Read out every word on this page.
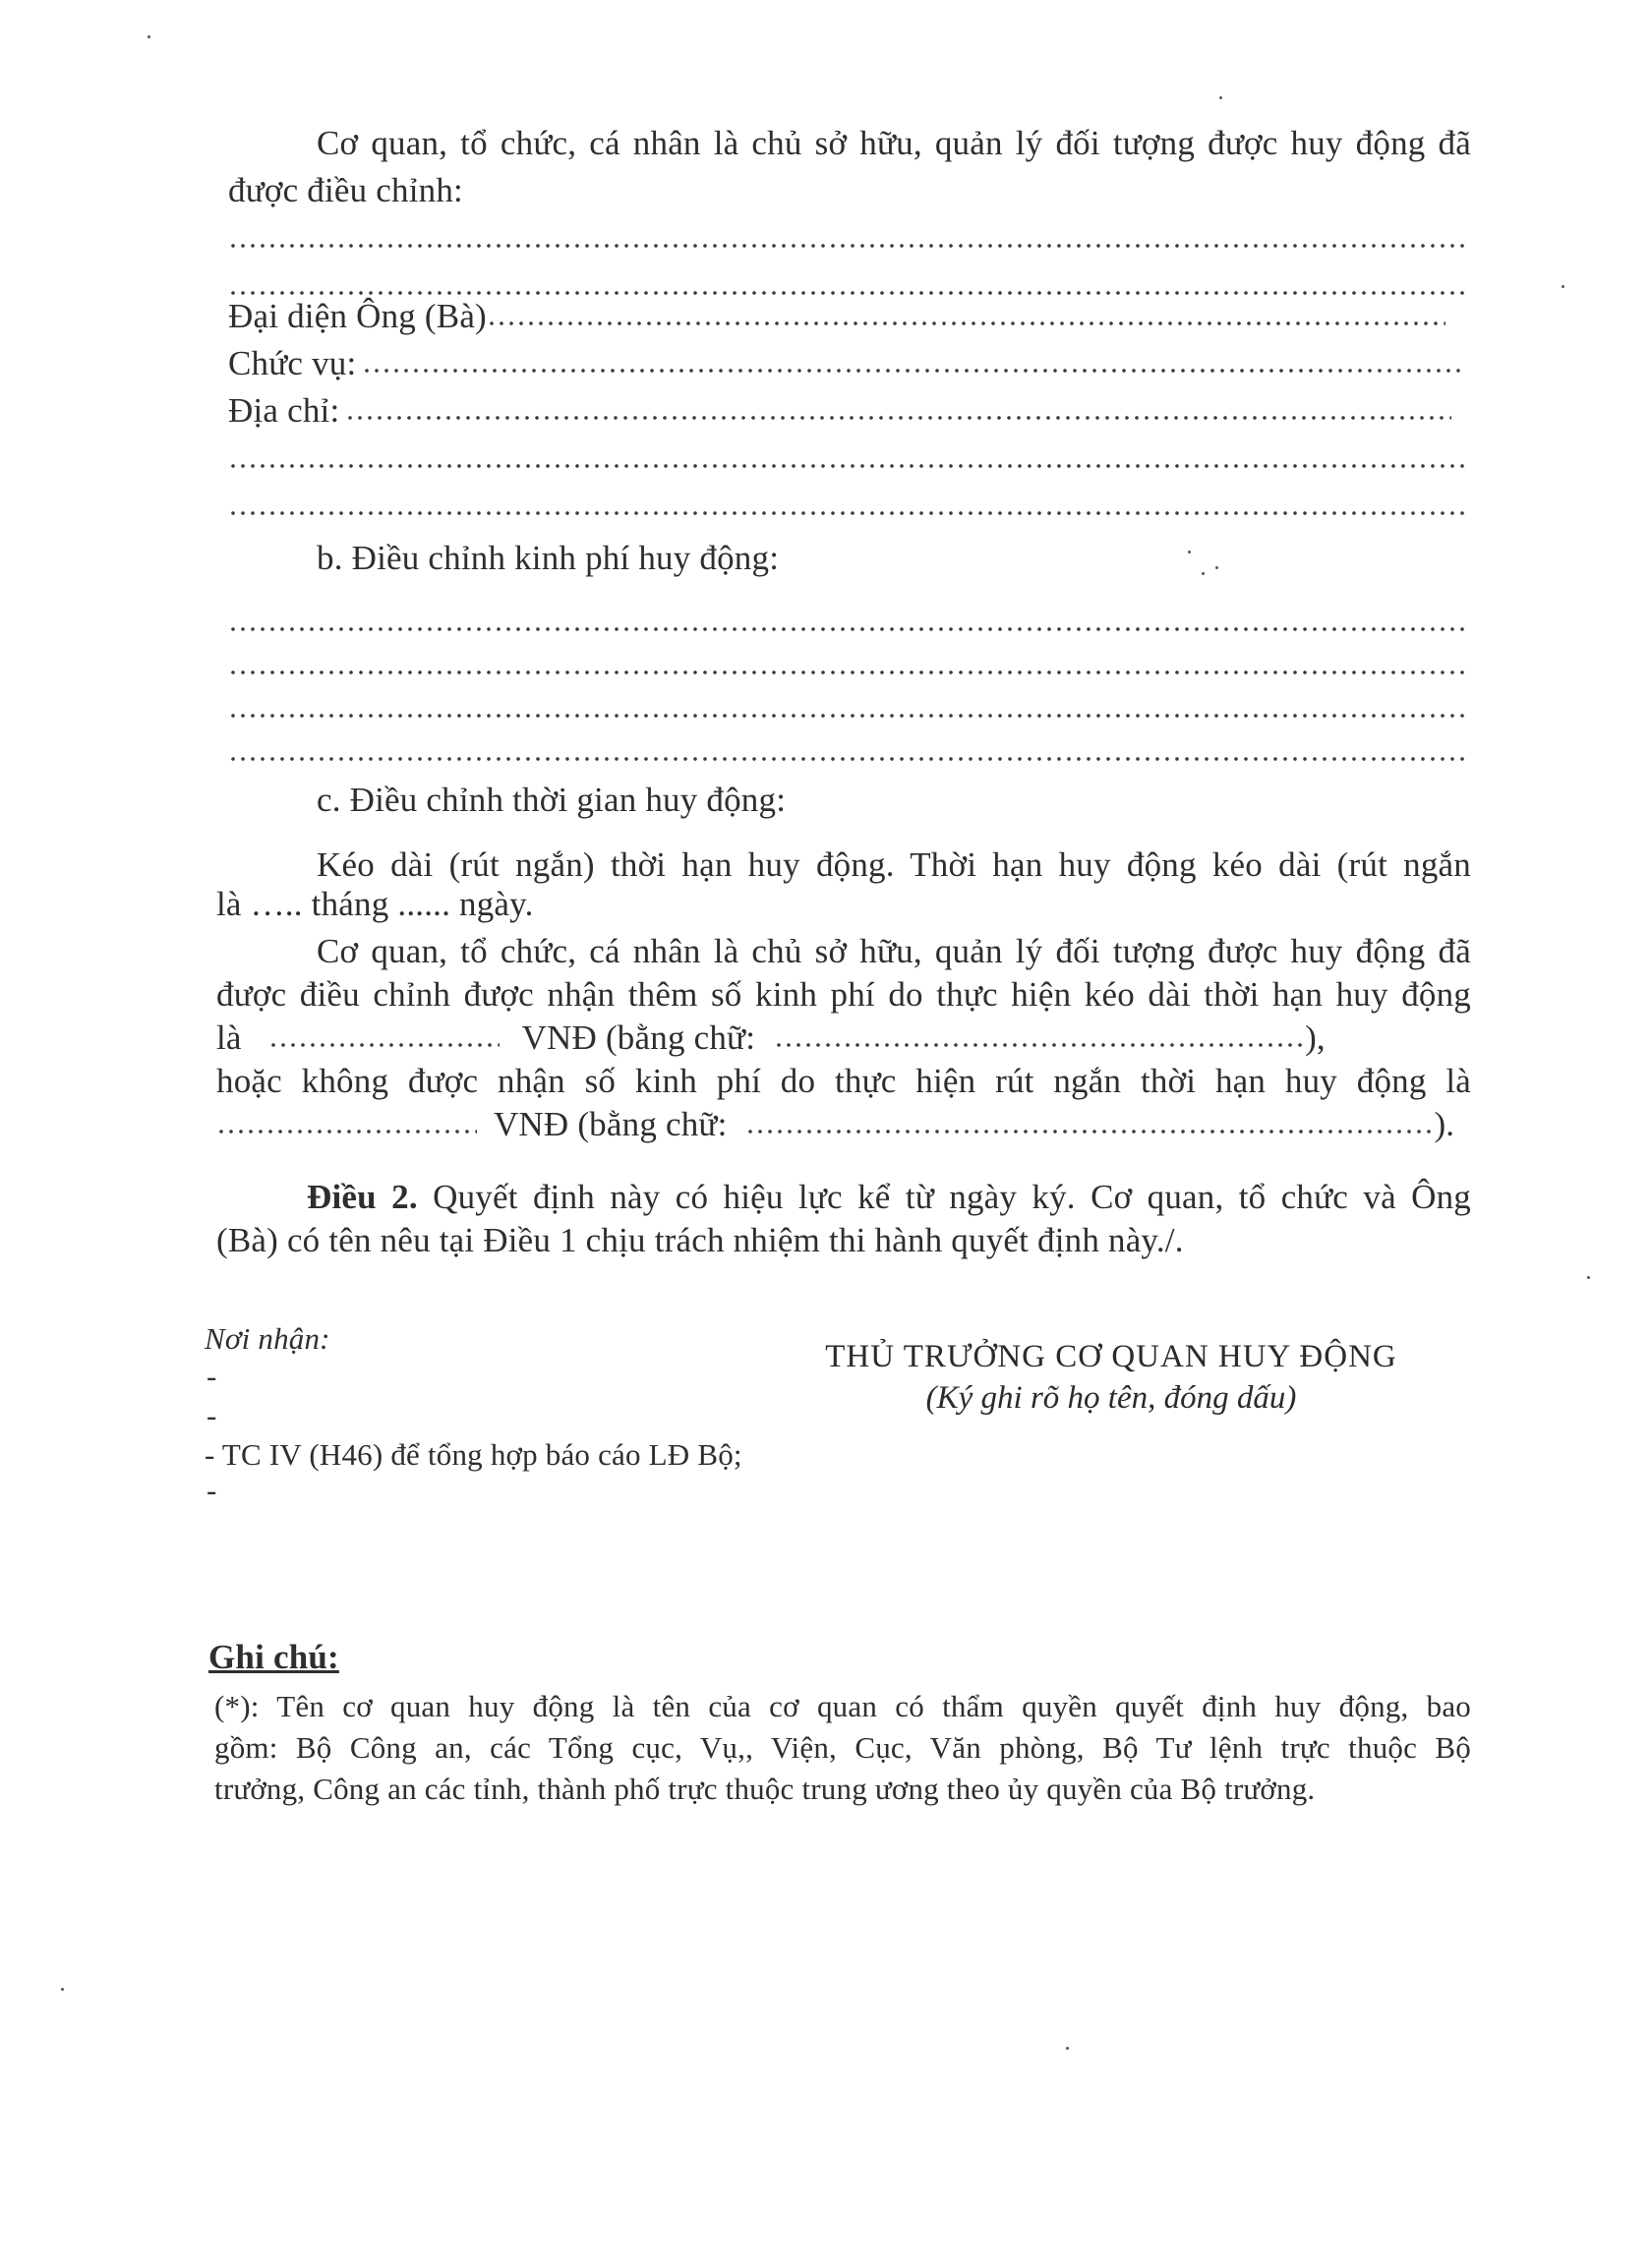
Cơ quan, tổ chức, cá nhân là chủ sở hữu, quản lý đối tượng được huy động đã
được điều chỉnh:
Đại diện Ông (Bà)
Chức vụ:
Địa chỉ:
b. Điều chỉnh kinh phí huy động:
c. Điều chỉnh thời gian huy động:
Kéo dài (rút ngắn) thời hạn huy động. Thời hạn huy động kéo dài (rút ngắn
là ….. tháng ...... ngày.
Cơ quan, tổ chức, cá nhân là chủ sở hữu, quản lý đối tượng được huy động đã
được điều chỉnh được nhận thêm số kinh phí do thực hiện kéo dài thời hạn huy động
là	VNĐ (bằng chữ:	),
hoặc không được nhận số kinh phí do thực hiện rút ngắn thời hạn huy động là
VNĐ (bằng chữ:	).
Điều 2. Quyết định này có hiệu lực kể từ ngày ký. Cơ quan, tổ chức và Ông
(Bà) có tên nêu tại Điều 1 chịu trách nhiệm thi hành quyết định này./.
Nơi nhận:
-
-
- TC IV (H46) để tổng hợp báo cáo LĐ Bộ;
-
THỦ TRƯỞNG CƠ QUAN HUY ĐỘNG
(Ký ghi rõ họ tên, đóng dấu)
Ghi chú:
(*): Tên cơ quan huy động là tên của cơ quan có thẩm quyền quyết định huy động, bao
gồm: Bộ Công an, các Tổng cục, Vụ,, Viện, Cục, Văn phòng, Bộ Tư lệnh trực thuộc Bộ
trưởng, Công an các tỉnh, thành phố trực thuộc trung ương theo ủy quyền của Bộ trưởng.
